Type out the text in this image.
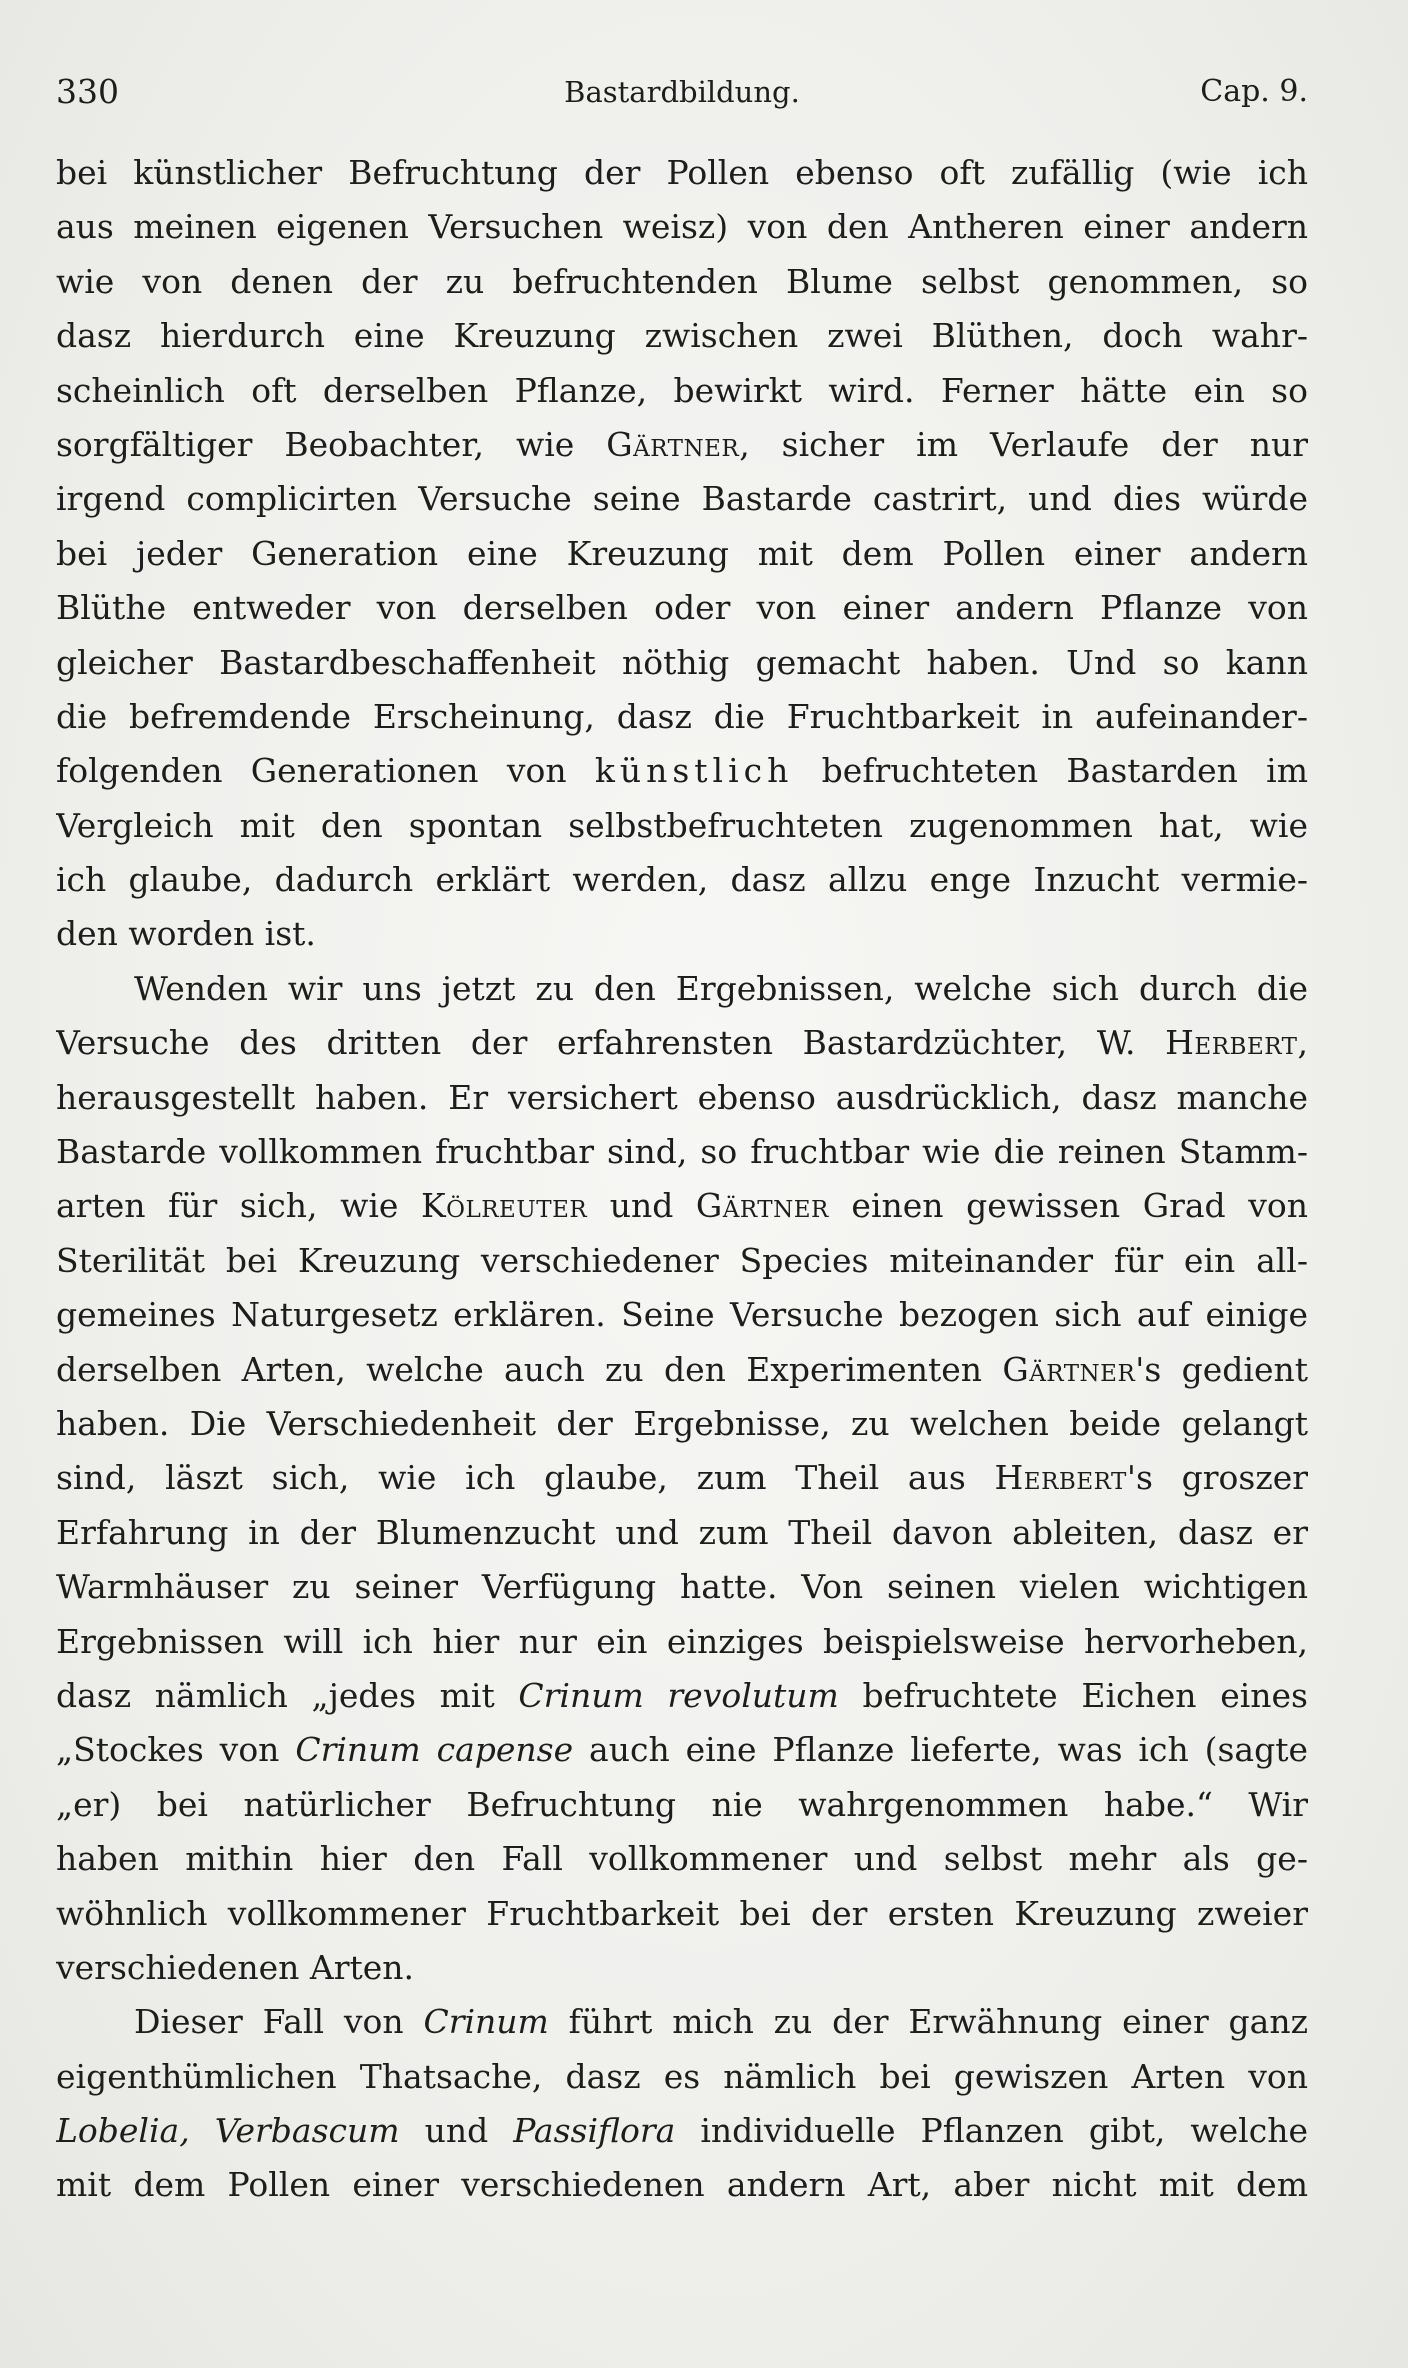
330	Bastardbildung.	Cap. 9.
bei künstlicher Befruchtung der Pollen ebenso oft zufällig (wie ich
aus meinen eigenen Versuchen weisz) von den Antheren einer andern
wie von denen der zu befruchtenden Blume selbst genommen, so
dasz hierdurch eine Kreuzung zwischen zwei Blüthen, doch wahr-
scheinlich oft derselben Pflanze, bewirkt wird. Ferner hätte ein so
sorgfältiger Beobachter, wie Gärtner, sicher im Verlaufe der nur
irgend complicirten Versuche seine Bastarde castrirt, und dies würde
bei jeder Generation eine Kreuzung mit dem Pollen einer andern
Blüthe entweder von derselben oder von einer andern Pflanze von
gleicher Bastardbeschaffenheit nöthig gemacht haben. Und so kann
die befremdende Erscheinung, dasz die Fruchtbarkeit in aufeinander-
folgenden Generationen von künstlich befruchteten Bastarden im
Vergleich mit den spontan selbstbefruchteten zugenommen hat, wie
ich glaube, dadurch erklärt werden, dasz allzu enge Inzucht vermie-
den worden ist.
Wenden wir uns jetzt zu den Ergebnissen, welche sich durch die
Versuche des dritten der erfahrensten Bastardzüchter, W. Herbert,
herausgestellt haben. Er versichert ebenso ausdrücklich, dasz manche
Bastarde vollkommen fruchtbar sind, so fruchtbar wie die reinen Stamm-
arten für sich, wie Kölreuter und Gärtner einen gewissen Grad von
Sterilität bei Kreuzung verschiedener Species miteinander für ein all-
gemeines Naturgesetz erklären. Seine Versuche bezogen sich auf einige
derselben Arten, welche auch zu den Experimenten Gärtner's gedient
haben. Die Verschiedenheit der Ergebnisse, zu welchen beide gelangt
sind, läszt sich, wie ich glaube, zum Theil aus Herbert's groszer
Erfahrung in der Blumenzucht und zum Theil davon ableiten, dasz er
Warmhäuser zu seiner Verfügung hatte. Von seinen vielen wichtigen
Ergebnissen will ich hier nur ein einziges beispielsweise hervorheben,
dasz nämlich „jedes mit Crinum revolutum befruchtete Eichen eines
„Stockes von Crinum capense auch eine Pflanze lieferte, was ich (sagte
„er) bei natürlicher Befruchtung nie wahrgenommen habe.“ Wir
haben mithin hier den Fall vollkommener und selbst mehr als ge-
wöhnlich vollkommener Fruchtbarkeit bei der ersten Kreuzung zweier
verschiedenen Arten.
Dieser Fall von Crinum führt mich zu der Erwähnung einer ganz
eigenthümlichen Thatsache, dasz es nämlich bei gewiszen Arten von
Lobelia, Verbascum und Passiflora individuelle Pflanzen gibt, welche
mit dem Pollen einer verschiedenen andern Art, aber nicht mit dem
